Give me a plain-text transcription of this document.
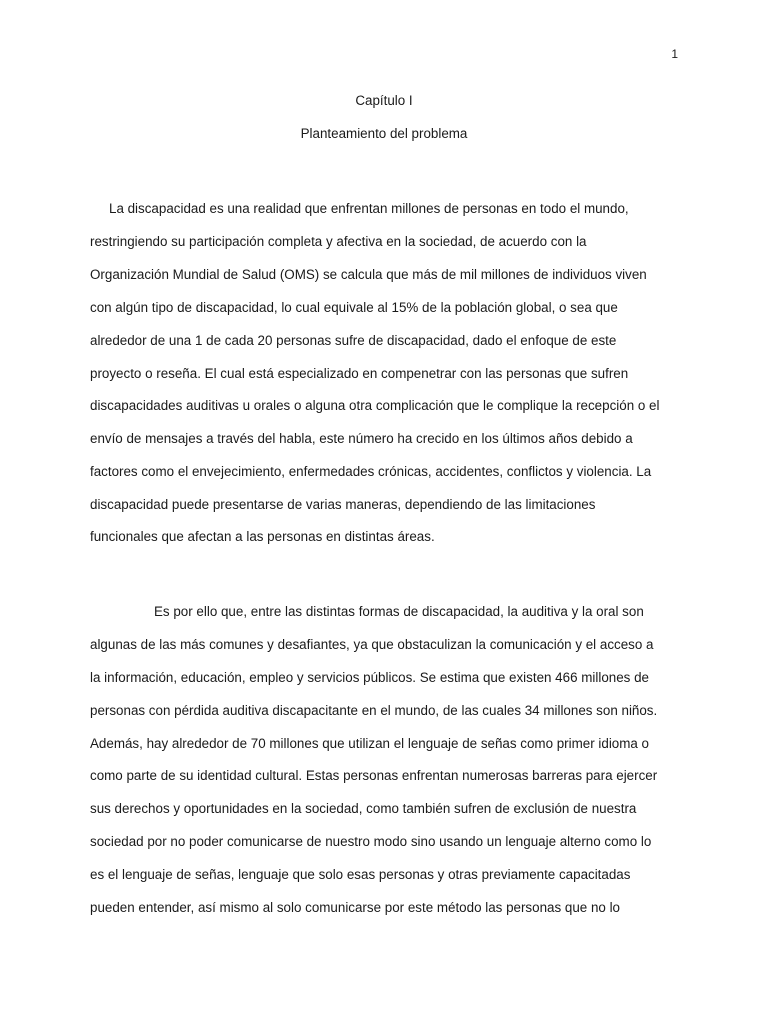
1
Capítulo I
Planteamiento del problema
La discapacidad es una realidad que enfrentan millones de personas en todo el mundo,
restringiendo su participación completa y afectiva en la sociedad, de acuerdo con la
Organización Mundial de Salud (OMS) se calcula que más de mil millones de individuos viven
con algún tipo de discapacidad, lo cual equivale al 15% de la población global, o sea que
alrededor de una 1 de cada 20 personas sufre de discapacidad, dado el enfoque de este
proyecto o reseña. El cual está especializado en compenetrar con las personas que sufren
discapacidades auditivas u orales o alguna otra complicación que le complique la recepción o el
envío de mensajes a través del habla, este número ha crecido en los últimos años debido a
factores como el envejecimiento, enfermedades crónicas, accidentes, conflictos y violencia. La
discapacidad puede presentarse de varias maneras, dependiendo de las limitaciones
funcionales que afectan a las personas en distintas áreas.
Es por ello que, entre las distintas formas de discapacidad, la auditiva y la oral son
algunas de las más comunes y desafiantes, ya que obstaculizan la comunicación y el acceso a
la información, educación, empleo y servicios públicos. Se estima que existen 466 millones de
personas con pérdida auditiva discapacitante en el mundo, de las cuales 34 millones son niños.
Además, hay alrededor de 70 millones que utilizan el lenguaje de señas como primer idioma o
como parte de su identidad cultural. Estas personas enfrentan numerosas barreras para ejercer
sus derechos y oportunidades en la sociedad, como también sufren de exclusión de nuestra
sociedad por no poder comunicarse de nuestro modo sino usando un lenguaje alterno como lo
es el lenguaje de señas, lenguaje que solo esas personas y otras previamente capacitadas
pueden entender, así mismo al solo comunicarse por este método las personas que no lo
